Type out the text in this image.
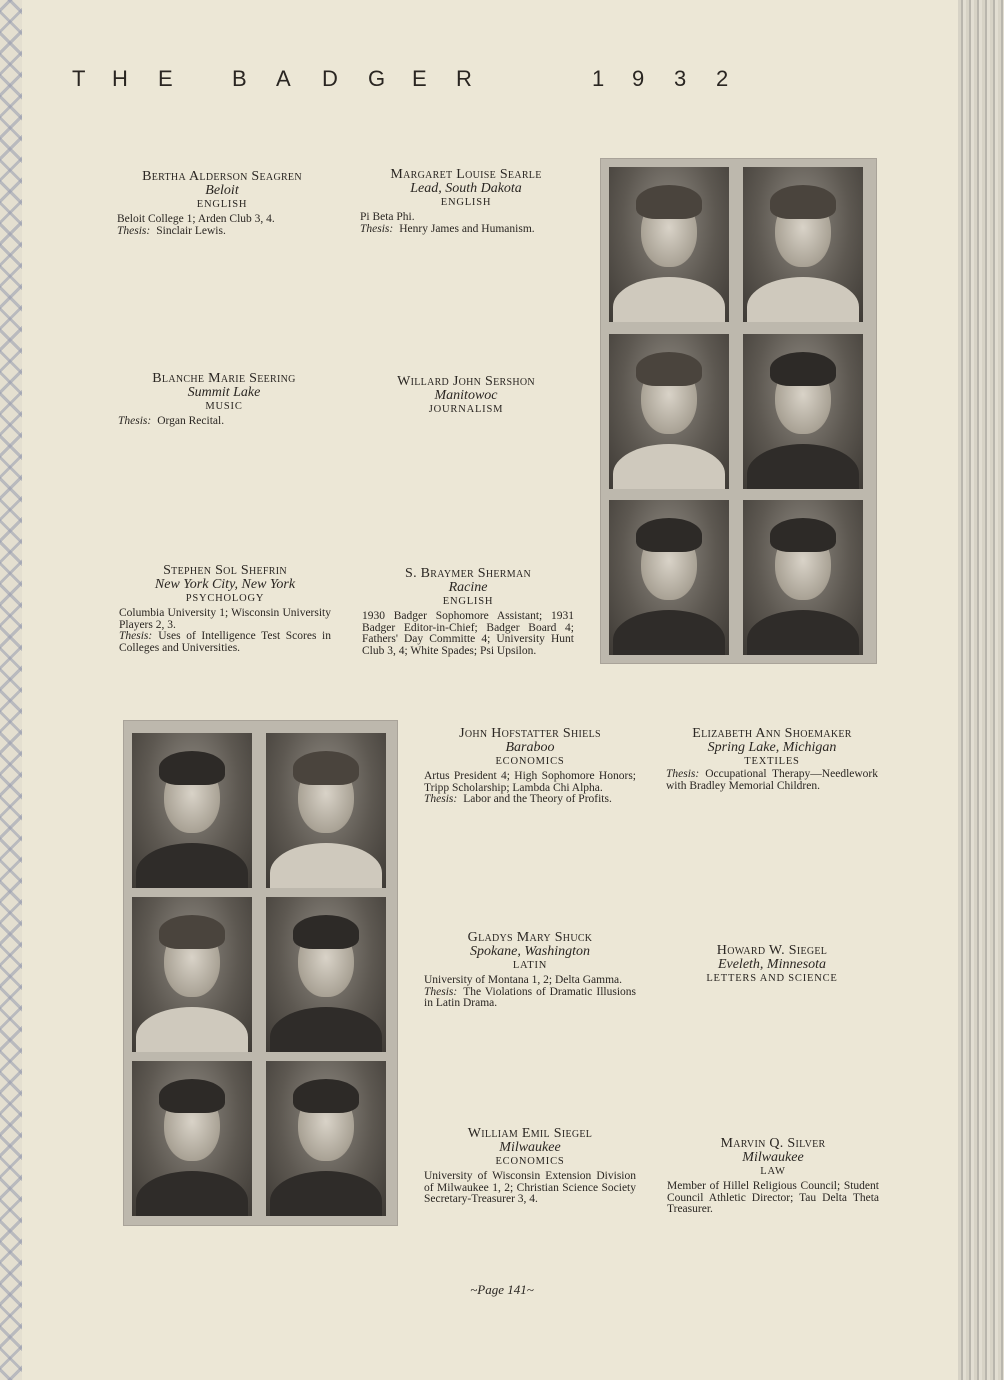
T H E	B A D G E R	1 9 3 2
Bertha Alderson Seagren
Beloit
ENGLISH
Beloit College 1; Arden Club 3, 4.
Thesis: Sinclair Lewis.
Margaret Louise Searle
Lead, South Dakota
ENGLISH
Pi Beta Phi.
Thesis: Henry James and Humanism.
Blanche Marie Seering
Summit Lake
MUSIC
Thesis: Organ Recital.
Willard John Sershon
Manitowoc
JOURNALISM
Stephen Sol Shefrin
New York City, New York
PSYCHOLOGY
Columbia University 1; Wisconsin University Players 2, 3.
Thesis: Uses of Intelligence Test Scores in Colleges and Universities.
S. Braymer Sherman
Racine
ENGLISH
1930 Badger Sophomore Assistant; 1931 Badger Editor-in-Chief; Badger Board 4; Fathers' Day Committe 4; University Hunt Club 3, 4; White Spades; Psi Upsilon.
John Hofstatter Shiels
Baraboo
ECONOMICS
Artus President 4; High Sophomore Honors; Tripp Scholarship; Lambda Chi Alpha.
Thesis: Labor and the Theory of Profits.
Elizabeth Ann Shoemaker
Spring Lake, Michigan
TEXTILES
Thesis: Occupational Therapy—Needlework with Bradley Memorial Children.
Gladys Mary Shuck
Spokane, Washington
LATIN
University of Montana 1, 2; Delta Gamma.
Thesis: The Violations of Dramatic Illusions in Latin Drama.
Howard W. Siegel
Eveleth, Minnesota
LETTERS AND SCIENCE
William Emil Siegel
Milwaukee
ECONOMICS
University of Wisconsin Extension Division of Milwaukee 1, 2; Christian Science Society Secretary-Treasurer 3, 4.
Marvin Q. Silver
Milwaukee
LAW
Member of Hillel Religious Council; Student Council Athletic Director; Tau Delta Theta Treasurer.
~Page 141~
